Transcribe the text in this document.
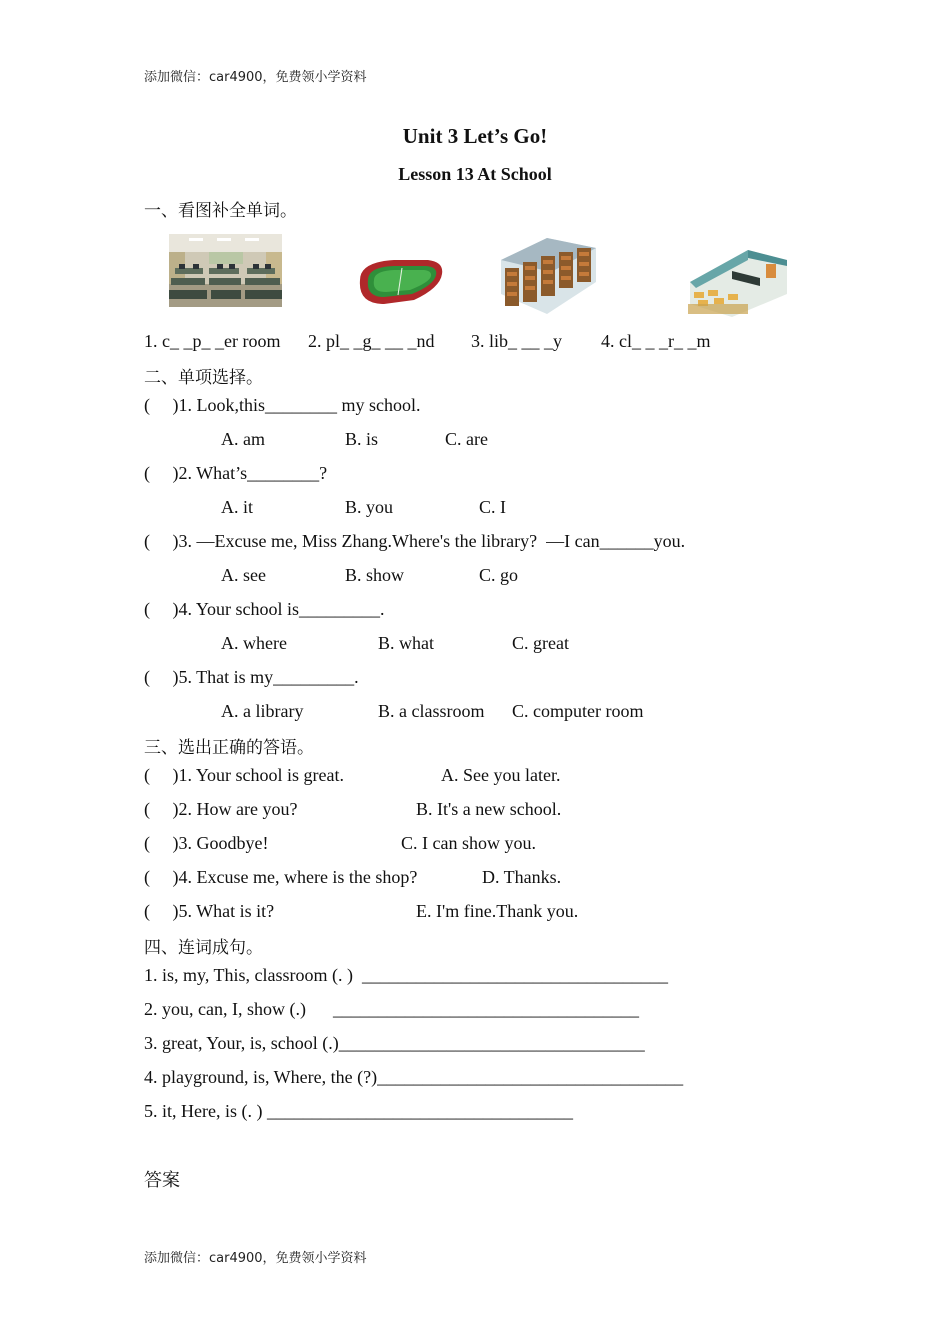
添加微信：car4900，免费领小学资料
Unit 3 Let’s Go!
Lesson 13 At School
一、看图补全单词。
1. c_ _p_ _er room 2. pl_ _g_ __ _nd 3. lib_ __ _y 4. cl_ _ _r_ _m
二、单项选择。
(     )1. Look,this________ my school.
A. am	B. is	C. are
(     )2. What’s________?
A. it	B. you	C. I
(     )3. —Excuse me, Miss Zhang.Where's the library?  —I can______you.
A. see	B. show	C. go
(     )4. Your school is_________.
A. where	B. what	C. great
(     )5. That is my_________.
A. a library	B. a classroom C. computer room
三、选出正确的答语。
(     )1. Your school is great.	A. See you later.
(     )2. How are you?	B. It's a new school.
(     )3. Goodbye!	C. I can show you.
(     )4. Excuse me, where is the shop?	D. Thanks.
(     )5. What is it?	E. I'm fine.Thank you.
四、连词成句。
1. is, my, This, classroom (. )  __________________________________
2. you, can, I, show (.)      __________________________________
3. great, Your, is, school (.)__________________________________
4. playground, is, Where, the (?)__________________________________
5. it, Here, is (. ) __________________________________
答案
添加微信：car4900，免费领小学资料
